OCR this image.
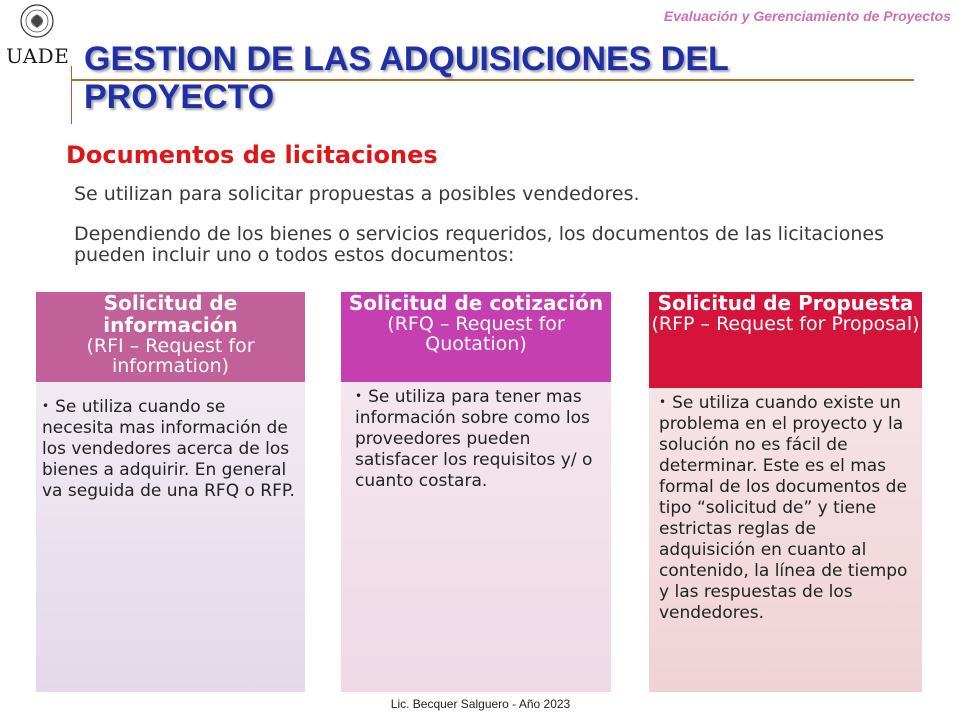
UADE
Evaluación y Gerenciamiento de Proyectos
GESTION DE LAS ADQUISICIONES DEL PROYECTO
Documentos de licitaciones

Se utilizan para solicitar propuestas a posibles vendedores.

Dependiendo de los bienes o servicios requeridos, los documentos de las licitaciones pueden incluir uno o todos estos documentos:

Solicitud de información
(RFI – Request for information)
• Se utiliza cuando se necesita mas información de los vendedores acerca de los bienes a adquirir. En general va seguida de una RFQ o RFP.
Solicitud de cotización
(RFQ – Request for Quotation)
• Se utiliza para tener mas información sobre como los proveedores pueden satisfacer los requisitos y/ o cuanto costara.
Solicitud de Propuesta
(RFP – Request for Proposal)
• Se utiliza cuando existe un problema en el proyecto y la solución no es fácil de determinar. Este es el mas formal de los documentos de tipo “solicitud de” y tiene estrictas reglas de adquisición en cuanto al contenido, la línea de tiempo y las respuestas de los vendedores.
Lic. Becquer Salguero - Año 2023
